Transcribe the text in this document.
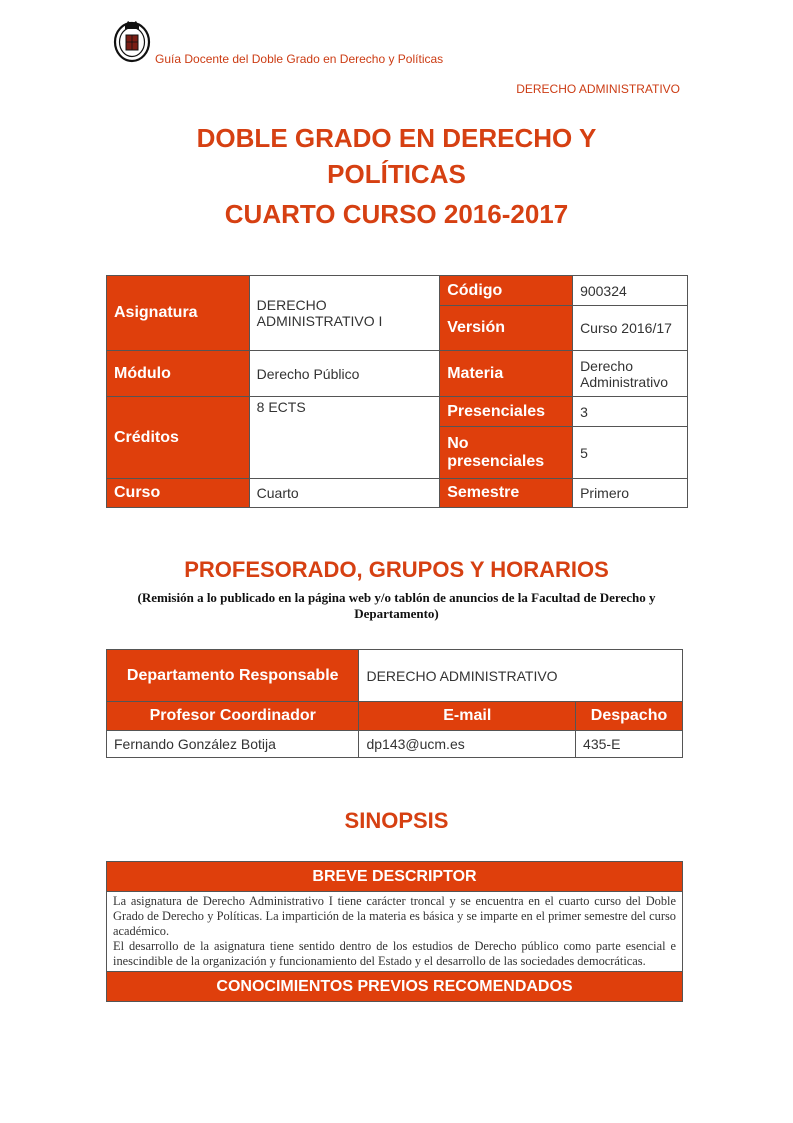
Guía Docente del Doble Grado en Derecho y Políticas
DERECHO ADMINISTRATIVO
DOBLE GRADO EN DERECHO Y
POLÍTICAS
CUARTO CURSO 2016-2017
Asignatura	DERECHO ADMINISTRATIVO I	Código	900324
		Versión	Curso 2016/17
Módulo	Derecho Público	Materia	Derecho Administrativo
Créditos	8 ECTS	Presenciales	3
		No presenciales	5
Curso	Cuarto	Semestre	Primero
PROFESORADO, GRUPOS Y HORARIOS
(Remisión a lo publicado en la página web y/o tablón de anuncios de la Facultad de Derecho y Departamento)
Departamento Responsable	DERECHO ADMINISTRATIVO	
Profesor Coordinador	E-mail	Despacho
Fernando González Botija	dp143@ucm.es	435-E
SINOPSIS
BREVE DESCRIPTOR

La asignatura de Derecho Administrativo I tiene carácter troncal y se encuentra en el cuarto curso del Doble Grado de Derecho y Políticas. La impartición de la materia es básica y se imparte en el primer semestre del curso académico.
El desarrollo de la asignatura tiene sentido dentro de los estudios de Derecho público como parte esencial e inescindible de la organización y funcionamiento del Estado y el desarrollo de las sociedades democráticas.

CONOCIMIENTOS PREVIOS RECOMENDADOS
